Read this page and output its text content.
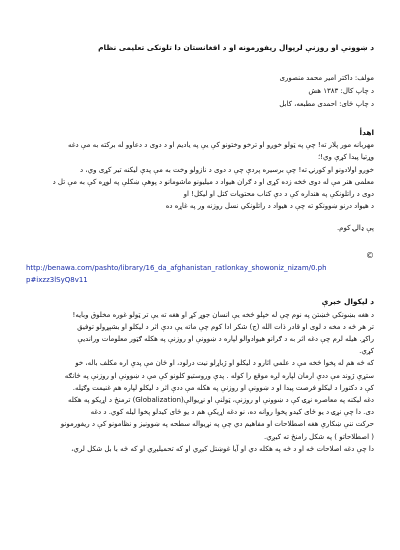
د ښوونې او روزنې لرپوال ريفورمونه او د افغانستان دا تلونکی تعليمی نظام
مولف: داکتر امیر محمد منصوری
د چاپ کال: ۱۳۸۳ هش
د چاپ ځای: احمدی مطبعه، کابل
اهدأ
مهربانه مور پلار ته! چې په ټولو خوږو او ترخو وختونو کې يې په ياديم او د دوی د دعاوو له برکته به مې دغه
وړتيا پيدا کړې وي!؛
خوږو اولادونو او کورنۍ ته! چې برسيره پردې چې د دوی د نازولو وخت به مې پدې لیکنه تير کړی وي، د
معلمی هنر مې له دوی څخه زده کړی او د ګران هيواد د ميليونو ماشومانو د پوهې ښکلې په لوړه کې به مې تل د
دوی د راتلونکې په هنداره کې د دې کتاب محتويات کتل او ليکل! او
د هيواد درنو ښوونکو ته چې د هيواد د راتلونکي نسل روزنه ور په غاړه ده
پې ډالۍ کوم.
©
http://benawa.com/pashto/library/16_da_afghanistan_ratlonkay_showoniz_nizam/0.ph
p#ixzz3lSyQ8v11
د ليکوال خبرې
د هغه بښونکي څښتن په نوم چې له خپلو څخه يې انسان جوړ کړ او هغه ته يې تر ټولو غوره مخلوق وبايه!
تر هر څه د مخه د لوی او قادر ذات الله (ج) شکر ادا کوم چې ماته يې ددې اثر د ليکلو او بشپړولو توفيق
راکړ. هيله لرم چې دغه اثر به د ګرانو هيوادوالو لپاره د ښوونې او روزنې په هکله ګټور معلومات ورانديې
کړي.
که څه هم له پخوا څخه مې د علمي اثارو د ليکلو او ژباړلو نيت درلود، او ځان مې پدې اره مکلف باله، خو
ستړې ژوند مې ددې ارمان لپاره لږه موقع را کوله . پدې وروستيو کلونو کې مې د ښوونې او روزنې په څانګه
کې د دکتورا د ليکلو فرصت پيدا او د ښوونې او روزنې په هکله مې ددې اثر د ليکلو لپاره هم غنيمت وګڼله.
دغه ليکنه په معاصره نړۍ کې د ښوونې او روزنې، ټولنې او نړيوالې(Globalization) ترمنځ د اړيکو په هکله
دی. دا چې نړۍ د يو ځای کيدو پخوا روانه ده، نو دغه اړيکې هم د يو ځای کيدلو پخوا ليله کوي. د دغه
حرکت ننې ښکارې هغه اصطلاحات او مفاهيم دي چې په نړيواله سطحه په ښوونيز و نظامونو کې د ريفورمونو
( اصطلاحاتو ) په شکل رامنځ ته کيږي.
دا چې دغه اصلاحات څه او د څه په هکله دي او آيا غوښتل کيږي او که تحميليږي او که څه با بل شکل لري،
